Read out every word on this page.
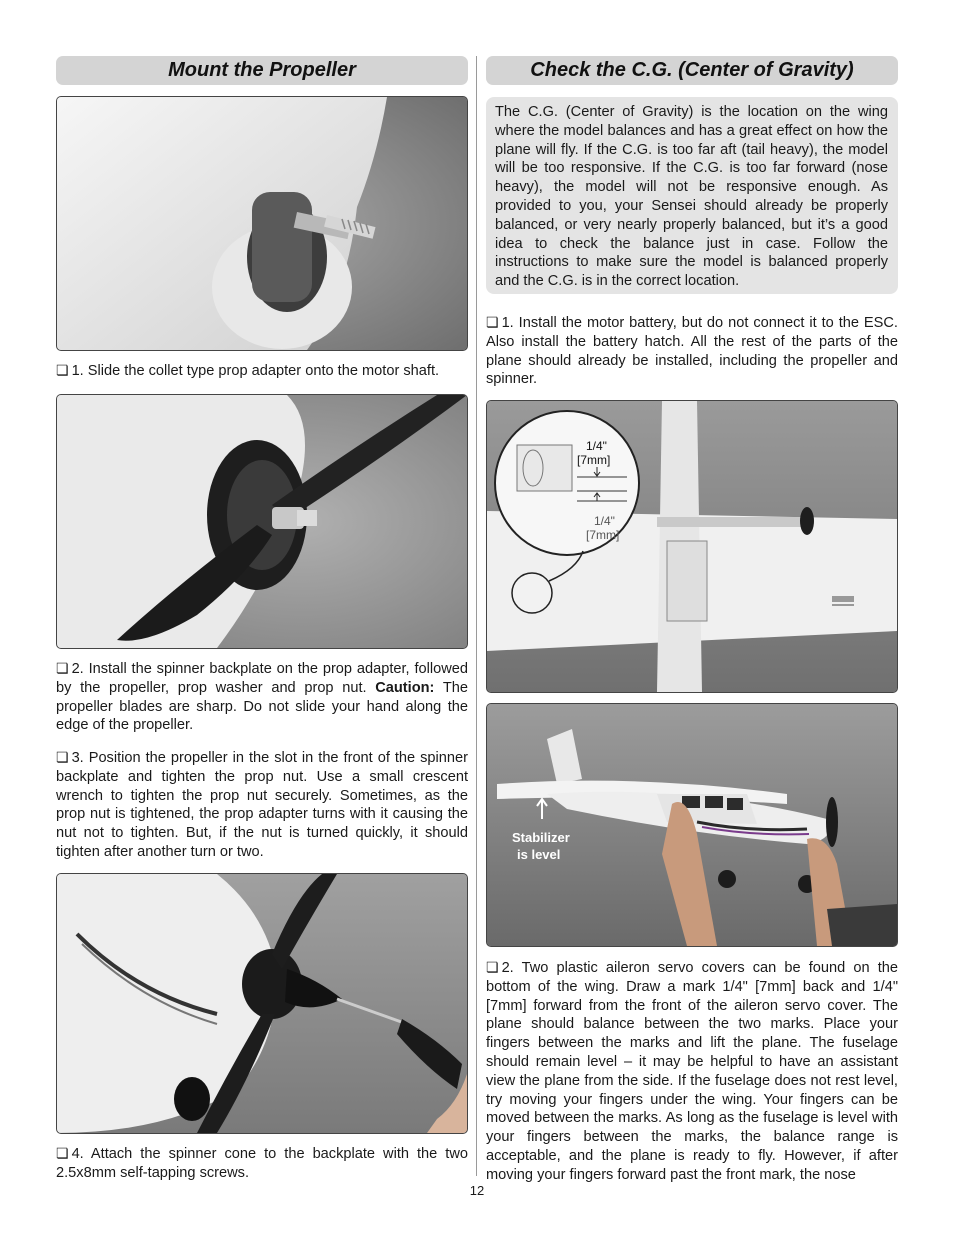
Mount the Propeller
❏ 1. Slide the collet type prop adapter onto the motor shaft.
❏ 2. Install the spinner backplate on the prop adapter, followed by the propeller, prop washer and prop nut. Caution: The propeller blades are sharp. Do not slide your hand along the edge of the propeller.
❏ 3. Position the propeller in the slot in the front of the spinner backplate and tighten the prop nut. Use a small crescent wrench to tighten the prop nut securely. Sometimes, as the prop nut is tightened, the prop adapter turns with it causing the nut not to tighten. But, if the nut is turned quickly, it should tighten after another turn or two.
❏ 4. Attach the spinner cone to the backplate with the two 2.5x8mm self-tapping screws.
Check the C.G. (Center of Gravity)
The C.G. (Center of Gravity) is the location on the wing where the model balances and has a great effect on how the plane will fly. If the C.G. is too far aft (tail heavy), the model will be too responsive. If the C.G. is too far forward (nose heavy), the model will not be responsive enough. As provided to you, your Sensei should already be properly balanced, or very nearly properly balanced, but it’s a good idea to check the balance just in case. Follow the instructions to make sure the model is balanced properly and the C.G. is in the correct location.
❏ 1. Install the motor battery, but do not connect it to the ESC. Also install the battery hatch. All the rest of the parts of the plane should already be installed, including the propeller and spinner.
1/4"
[7mm]
1/4"
[7mm]
Stabilizer
is level
❏ 2. Two plastic aileron servo covers can be found on the bottom of the wing. Draw a mark 1/4" [7mm] back and 1/4" [7mm] forward from the front of the aileron servo cover. The plane should balance between the two marks. Place your fingers between the marks and lift the plane. The fuselage should remain level – it may be helpful to have an assistant view the plane from the side. If the fuselage does not rest level, try moving your fingers under the wing. Your fingers can be moved between the marks. As long as the fuselage is level with your fingers between the marks, the balance range is acceptable, and the plane is ready to fly. However, if after moving your fingers forward past the front mark, the nose
12
